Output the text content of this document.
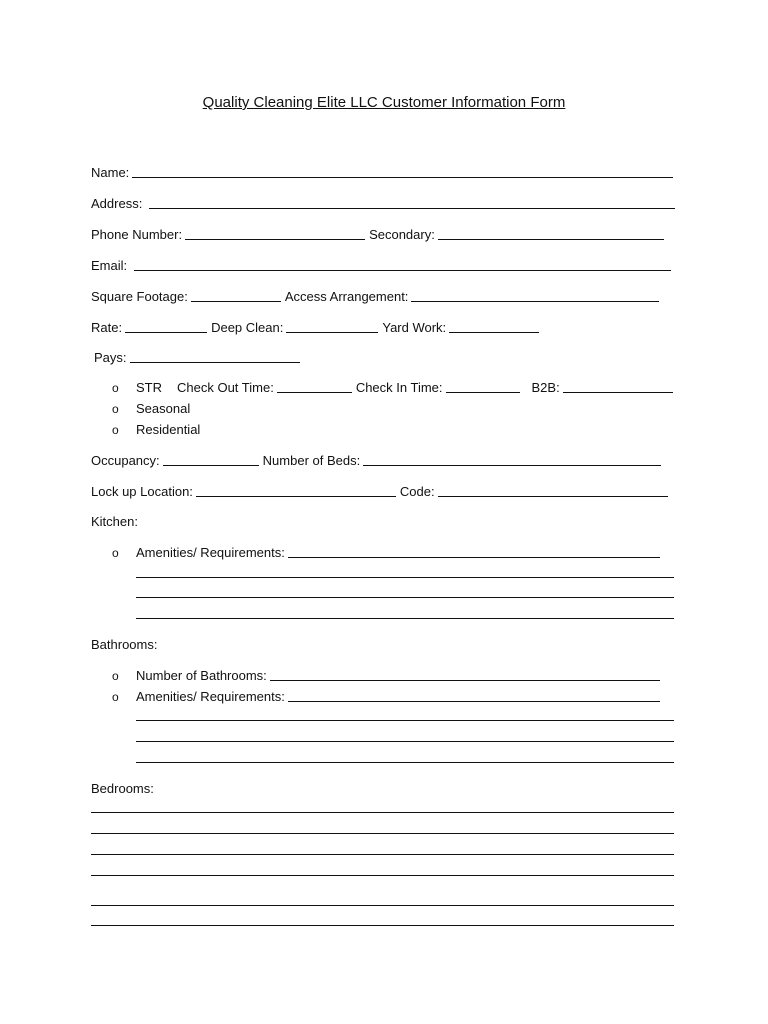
Quality Cleaning Elite LLC Customer Information Form
Name:
Address:
Phone Number:	Secondary:
Email:
Square Footage:	Access Arrangement:
Rate:	Deep Clean:	Yard Work:
Pays:
o	STR Check Out Time:	Check In Time:	B2B:
o	Seasonal
o	Residential
Occupancy:	Number of Beds:
Lock up Location:	Code:
Kitchen:
o	Amenities/ Requirements:
Bathrooms:
o	Number of Bathrooms:
o	Amenities/ Requirements:
Bedrooms:
